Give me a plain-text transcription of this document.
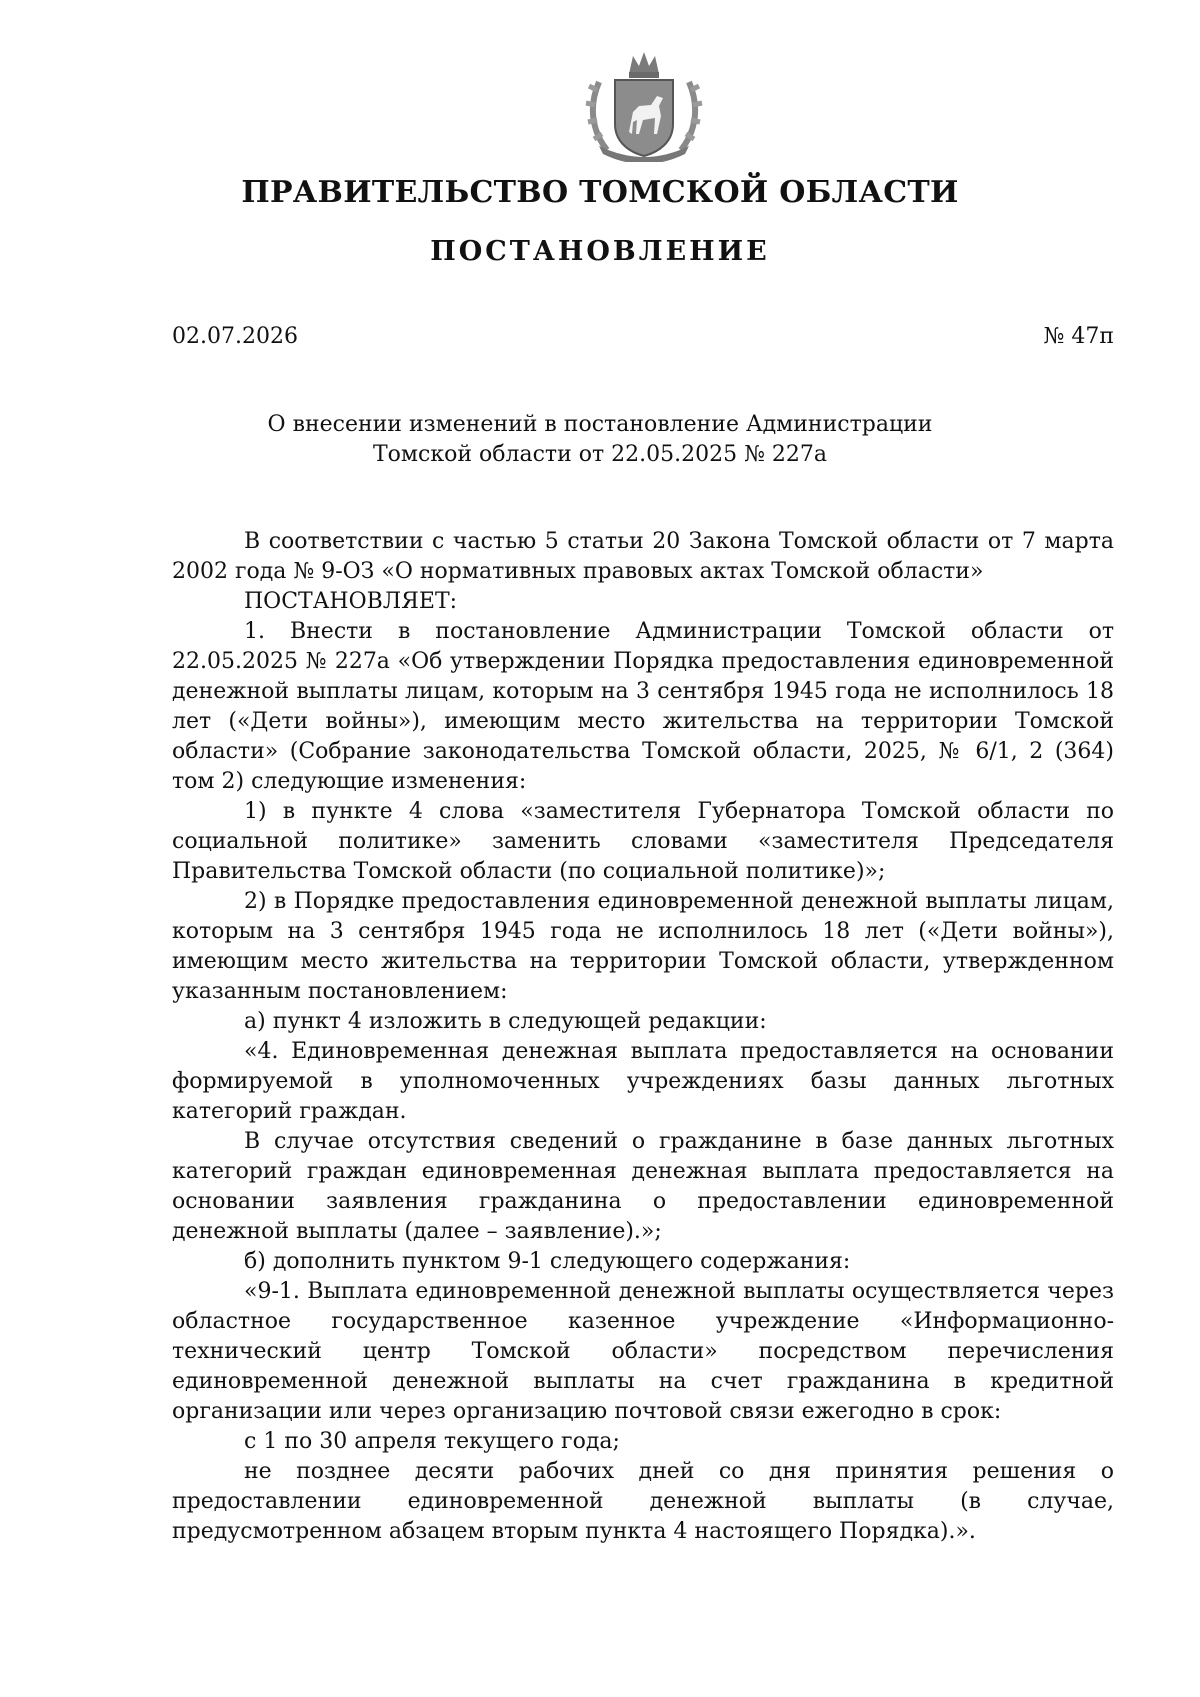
ПРАВИТЕЛЬСТВО ТОМСКОЙ ОБЛАСТИ
ПОСТАНОВЛЕНИЕ
02.07.2026	№ 47п
О внесении изменений в постановление Администрации
Томской области от 22.05.2025 № 227а

В соответствии с частью 5 статьи 20 Закона Томской области от 7 марта 2002 года № 9-ОЗ «О нормативных правовых актах Томской области»

ПОСТАНОВЛЯЕТ:

1. Внести в постановление Администрации Томской области от 22.05.2025 № 227а «Об утверждении Порядка предоставления единовременной денежной выплаты лицам, которым на 3 сентября 1945 года не исполнилось 18 лет («Дети войны»), имеющим место жительства на территории Томской области» (Собрание законодательства Томской области, 2025, № 6/1, 2 (364) том 2) следующие изменения:

1) в пункте 4 слова «заместителя Губернатора Томской области по социальной политике» заменить словами «заместителя Председателя Правительства Томской области (по социальной политике)»;

2) в Порядке предоставления единовременной денежной выплаты лицам, которым на 3 сентября 1945 года не исполнилось 18 лет («Дети войны»), имеющим место жительства на территории Томской области, утвержденном указанным постановлением:

а) пункт 4 изложить в следующей редакции:

«4. Единовременная денежная выплата предоставляется на основании формируемой в уполномоченных учреждениях базы данных льготных категорий граждан.

В случае отсутствия сведений о гражданине в базе данных льготных категорий граждан единовременная денежная выплата предоставляется на основании заявления гражданина о предоставлении единовременной денежной выплаты (далее – заявление).»;

б) дополнить пунктом 9-1 следующего содержания:

«9-1. Выплата единовременной денежной выплаты осуществляется через областное государственное казенное учреждение «Информационно-технический центр Томской области» посредством перечисления единовременной денежной выплаты на счет гражданина в кредитной организации или через организацию почтовой связи ежегодно в срок:

с 1 по 30 апреля текущего года;

не позднее десяти рабочих дней со дня принятия решения о предоставлении единовременной денежной выплаты (в случае, предусмотренном абзацем вторым пункта 4 настоящего Порядка).».
